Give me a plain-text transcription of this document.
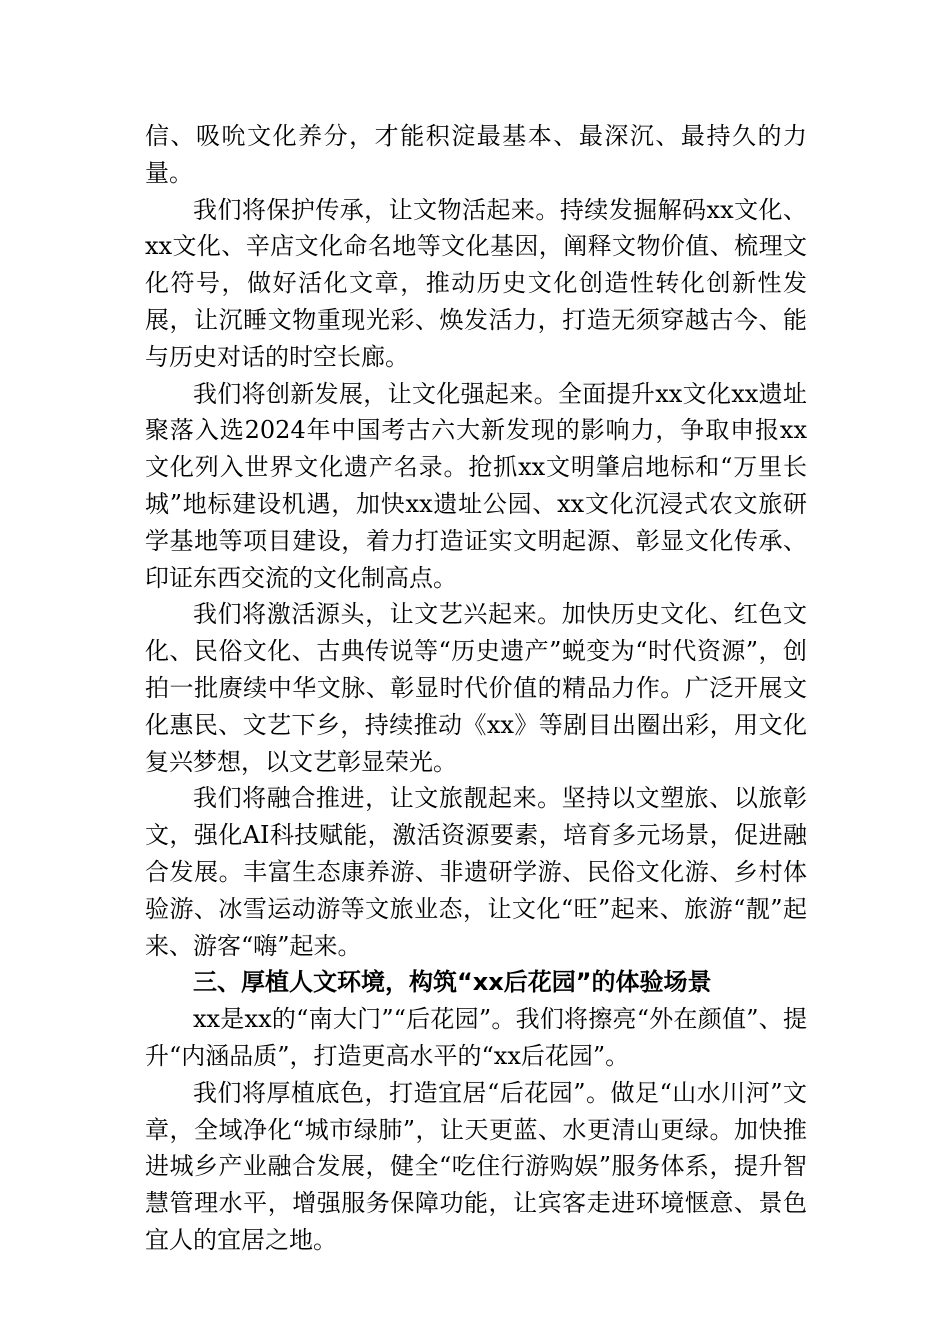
信、吸吮文化养分，才能积淀最基本、最深沉、最持久的力量。

我们将保护传承，让文物活起来。持续发掘解码xx文化、xx文化、辛店文化命名地等文化基因，阐释文物价值、梳理文化符号，做好活化文章，推动历史文化创造性转化创新性发展，让沉睡文物重现光彩、焕发活力，打造无须穿越古今、能与历史对话的时空长廊。

我们将创新发展，让文化强起来。全面提升xx文化xx遗址聚落入选2024年中国考古六大新发现的影响力，争取申报xx文化列入世界文化遗产名录。抢抓xx文明肇启地标和“万里长城”地标建设机遇，加快xx遗址公园、xx文化沉浸式农文旅研学基地等项目建设，着力打造证实文明起源、彰显文化传承、印证东西交流的文化制高点。

我们将激活源头，让文艺兴起来。加快历史文化、红色文化、民俗文化、古典传说等“历史遗产”蜕变为“时代资源”，创拍一批赓续中华文脉、彰显时代价值的精品力作。广泛开展文化惠民、文艺下乡，持续推动《xx》等剧目出圈出彩，用文化复兴梦想，以文艺彰显荣光。

我们将融合推进，让文旅靓起来。坚持以文塑旅、以旅彰文，强化AI科技赋能，激活资源要素，培育多元场景，促进融合发展。丰富生态康养游、非遗研学游、民俗文化游、乡村体验游、冰雪运动游等文旅业态，让文化“旺”起来、旅游“靓”起来、游客“嗨”起来。

三、厚植人文环境，构筑“xx后花园”的体验场景

xx是xx的“南大门”“后花园”。我们将擦亮“外在颜值”、提升“内涵品质”，打造更高水平的“xx后花园”。

我们将厚植底色，打造宜居“后花园”。做足“山水川河”文章，全域净化“城市绿肺”，让天更蓝、水更清山更绿。加快推进城乡产业融合发展，健全“吃住行游购娱”服务体系，提升智慧管理水平，增强服务保障功能，让宾客走进环境惬意、景色宜人的宜居之地。
